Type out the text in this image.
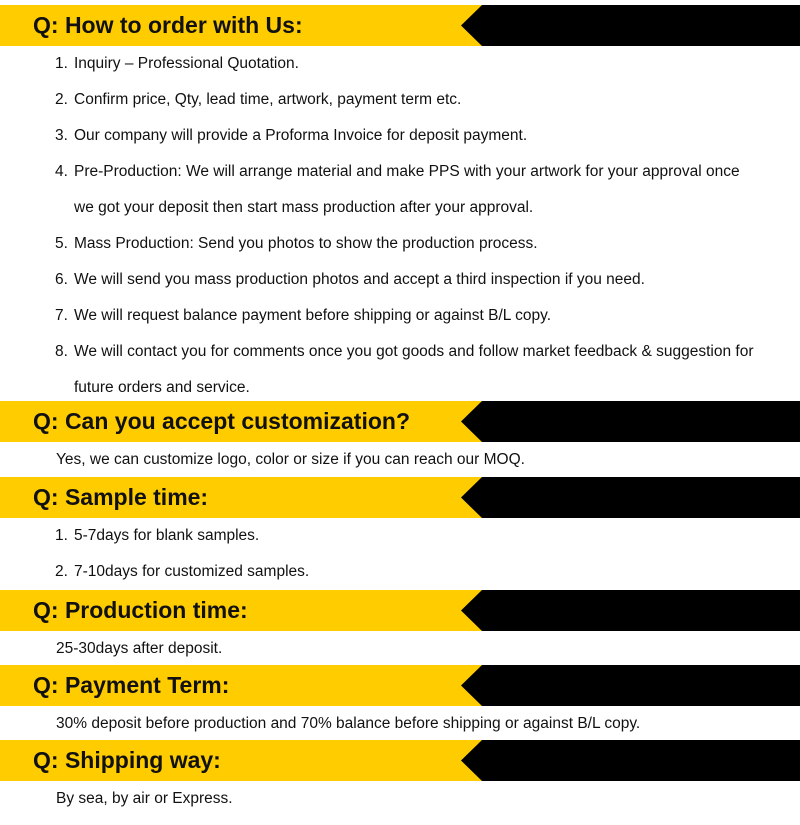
Q: How to order with Us:
1. Inquiry – Professional Quotation.
2. Confirm price, Qty, lead time, artwork, payment term etc.
3. Our company will provide a Proforma Invoice for deposit payment.
4. Pre-Production: We will arrange material and make PPS with your artwork for your approval once
we got your deposit then start mass production after your approval.
5. Mass Production: Send you photos to show the production process.
6. We will send you mass production photos and accept a third inspection if you need.
7. We will request balance payment before shipping or against B/L copy.
8. We will contact you for comments once you got goods and follow market feedback & suggestion for
future orders and service.
Q: Can you accept customization?
Yes, we can customize logo, color or size if you can reach our MOQ.
Q: Sample time:
1. 5-7days for blank samples.
2. 7-10days for customized samples.
Q: Production time:
25-30days after deposit.
Q: Payment Term:
30% deposit before production and 70% balance before shipping or against B/L copy.
Q: Shipping way:
By sea, by air or Express.
